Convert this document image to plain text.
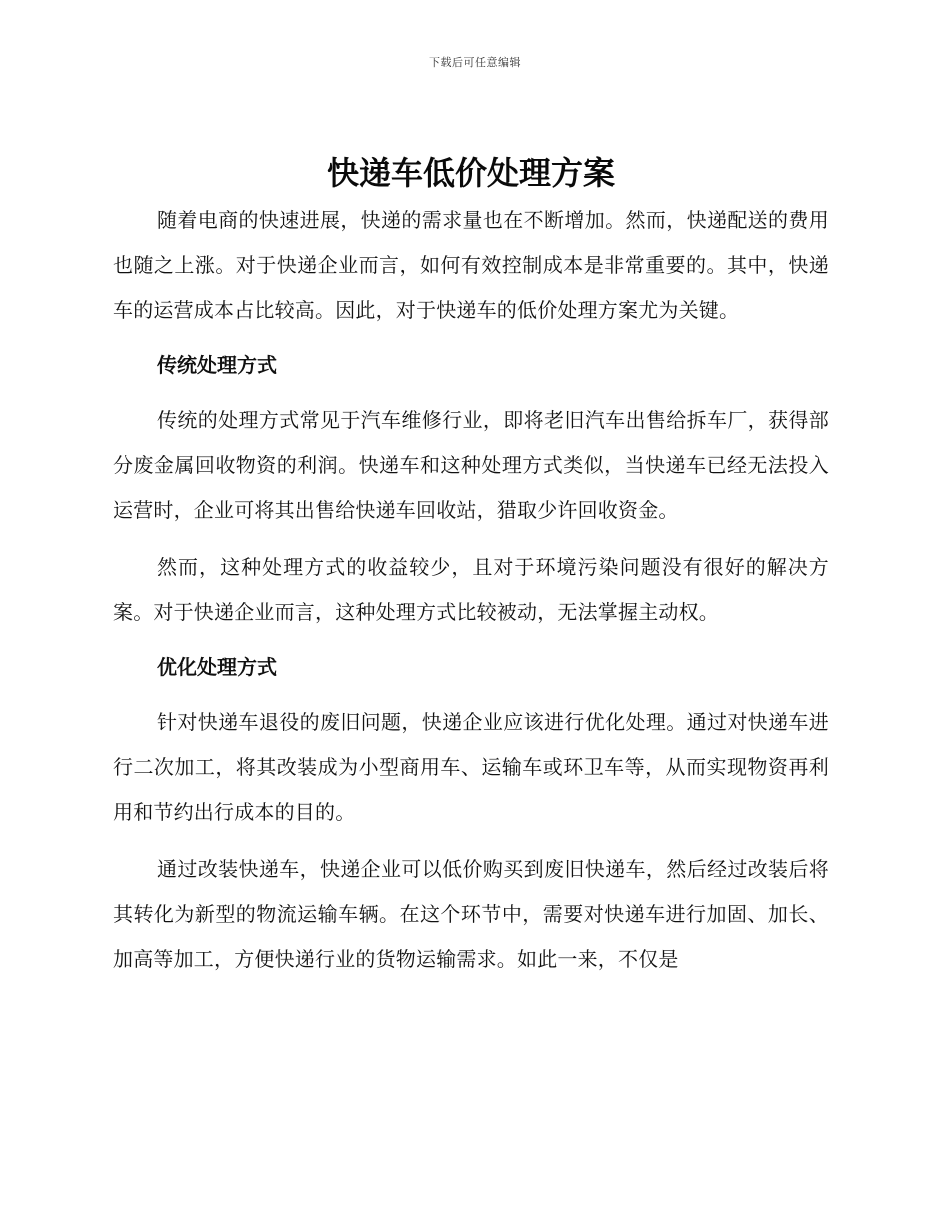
下载后可任意编辑
快递车低价处理方案

随着电商的快速进展，快递的需求量也在不断增加。然而，快递配送的费用也随之上涨。对于快递企业而言，如何有效控制成本是非常重要的。其中，快递车的运营成本占比较高。因此，对于快递车的低价处理方案尤为关键。

传统处理方式

传统的处理方式常见于汽车维修行业，即将老旧汽车出售给拆车厂，获得部分废金属回收物资的利润。快递车和这种处理方式类似，当快递车已经无法投入运营时，企业可将其出售给快递车回收站，猎取少许回收资金。

然而，这种处理方式的收益较少，且对于环境污染问题没有很好的解决方案。对于快递企业而言，这种处理方式比较被动，无法掌握主动权。

优化处理方式

针对快递车退役的废旧问题，快递企业应该进行优化处理。通过对快递车进行二次加工，将其改装成为小型商用车、运输车或环卫车等，从而实现物资再利用和节约出行成本的目的。

通过改装快递车，快递企业可以低价购买到废旧快递车，然后经过改装后将其转化为新型的物流运输车辆。在这个环节中，需要对快递车进行加固、加长、加高等加工，方便快递行业的货物运输需求。如此一来，不仅是
